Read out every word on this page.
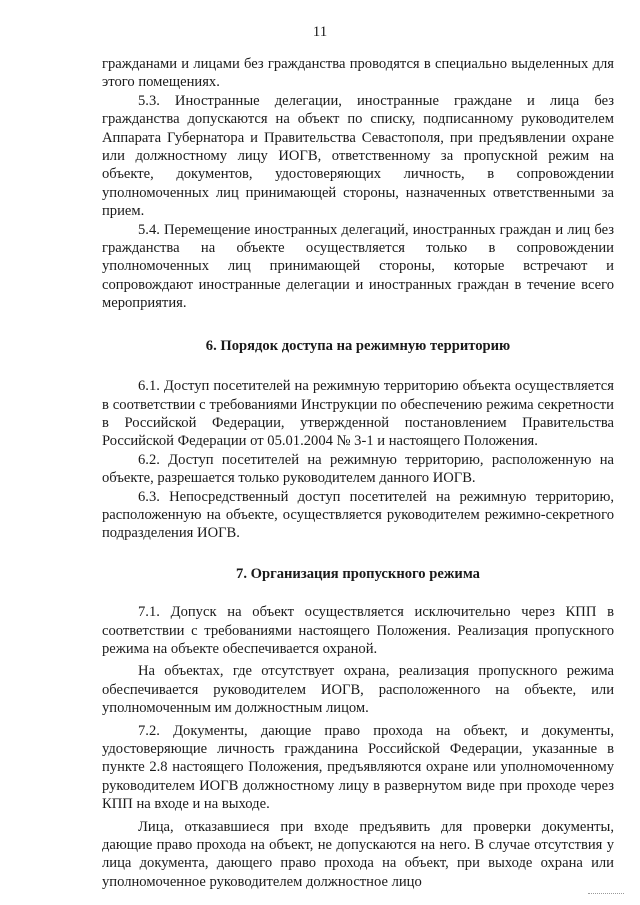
11

гражданами и лицами без гражданства проводятся в специально выделенных для этого помещениях.

5.3. Иностранные делегации, иностранные граждане и лица без гражданства допускаются на объект по списку, подписанному руководителем Аппарата Губернатора и Правительства Севастополя, при предъявлении охране или должностному лицу ИОГВ, ответственному за пропускной режим на объекте, документов, удостоверяющих личность, в сопровождении уполномоченных лиц принимающей стороны, назначенных ответственными за прием.

5.4. Перемещение иностранных делегаций, иностранных граждан и лиц без гражданства на объекте осуществляется только в сопровождении уполномоченных лиц принимающей стороны, которые встречают и сопровождают иностранные делегации и иностранных граждан в течение всего мероприятия.

6. Порядок доступа на режимную территорию

6.1. Доступ посетителей на режимную территорию объекта осуществляется в соответствии с требованиями Инструкции по обеспечению режима секретности в Российской Федерации, утвержденной постановлением Правительства Российской Федерации от 05.01.2004 № 3-1 и настоящего Положения.

6.2. Доступ посетителей на режимную территорию, расположенную на объекте, разрешается только руководителем данного ИОГВ.

6.3. Непосредственный доступ посетителей на режимную территорию, расположенную на объекте, осуществляется руководителем режимно-секретного подразделения ИОГВ.

7. Организация пропускного режима

7.1. Допуск на объект осуществляется исключительно через КПП в соответствии с требованиями настоящего Положения. Реализация пропускного режима на объекте обеспечивается охраной.

На объектах, где отсутствует охрана, реализация пропускного режима обеспечивается руководителем ИОГВ, расположенного на объекте, или уполномоченным им должностным лицом.

7.2. Документы, дающие право прохода на объект, и документы, удостоверяющие личность гражданина Российской Федерации, указанные в пункте 2.8 настоящего Положения, предъявляются охране или уполномоченному руководителем ИОГВ должностному лицу в развернутом виде при проходе через КПП на входе и на выходе.

Лица, отказавшиеся при входе предъявить для проверки документы, дающие право прохода на объект, не допускаются на него. В случае отсутствия у лица документа, дающего право прохода на объект, при выходе охрана или уполномоченное руководителем должностное лицо
